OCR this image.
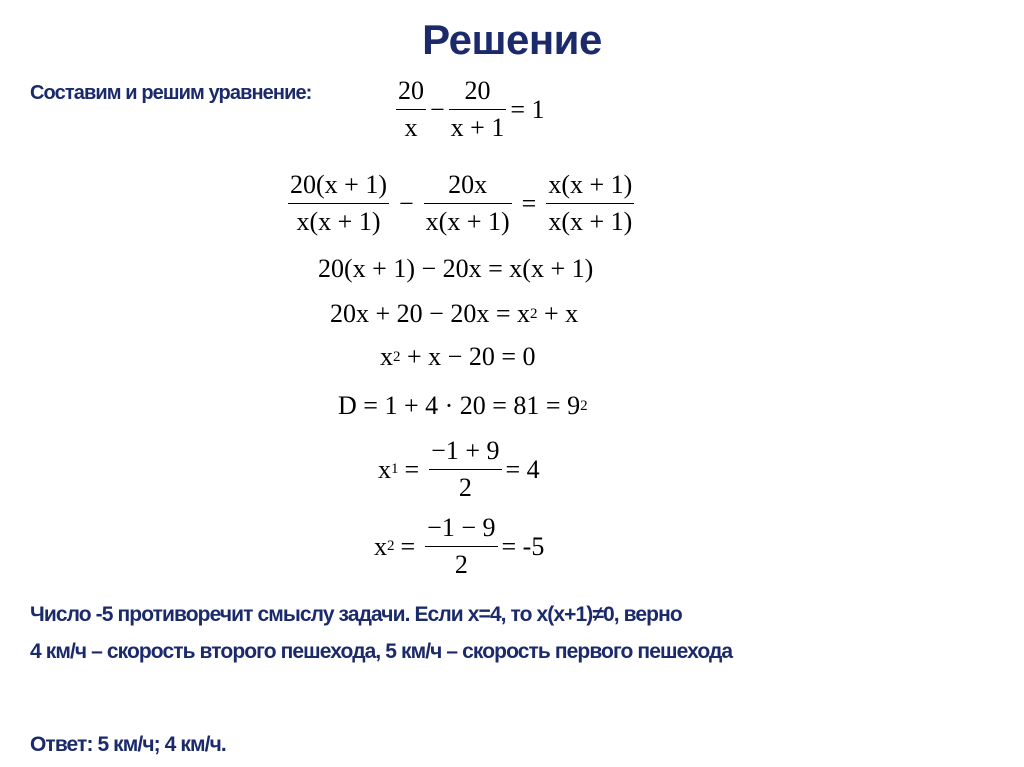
Решение
Составим и решим уравнение:	$\frac{20}{x} - \frac{20}{x + 1} = 1$
$\frac{20(x + 1)}{x(x + 1)} - \frac{20x}{x(x + 1)} = \frac{x(x + 1)}{x(x + 1)}$
20(x + 1) − 20x = x(x + 1)
20x + 20 − 20x = x 2 + x
x 2 + x − 20 = 0
D = 1 + 4 · 20 = 81 = 9 2
x $1 = \frac{-1 + 9}{2} = 4$
x $2 = \frac{-1 - 9}{2} = -5$
Число -5 противоречит смыслу задачи. Если x=4, то x(x+1)≠0, верно
4 км/ч – скорость второго пешехода, 5 км/ч – скорость первого пешехода
Ответ: 5 км/ч; 4 км/ч.
